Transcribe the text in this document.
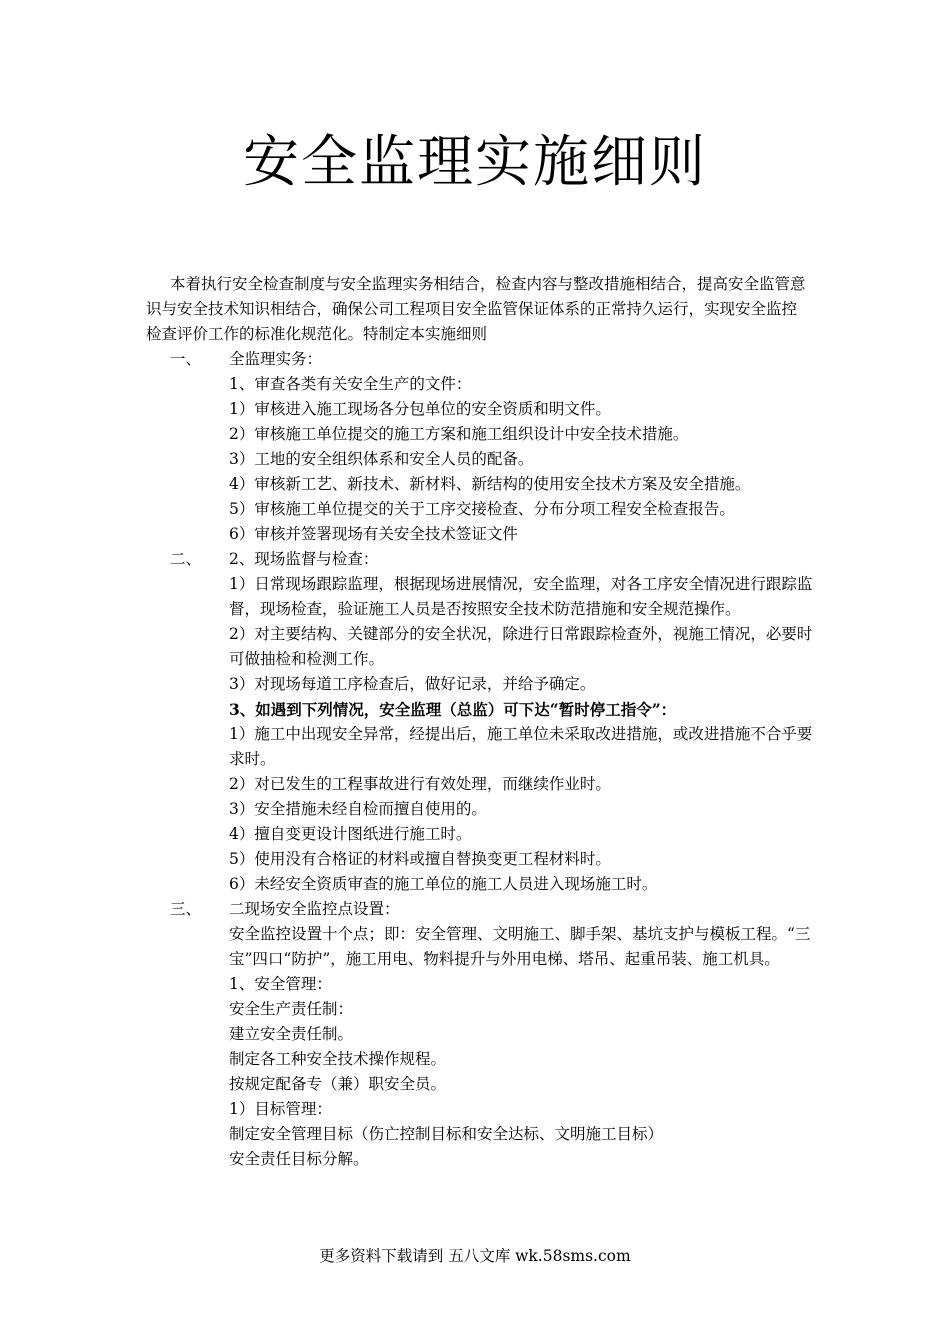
安全监理实施细则

本着执行安全检查制度与安全监理实务相结合，检查内容与整改措施相结合，提高安全监管意识与安全技术知识相结合，确保公司工程项目安全监管保证体系的正常持久运行，实现安全监控检查评价工作的标准化规范化。特制定本实施细则

一、 全监理实务：
1、审查各类有关安全生产的文件：
1）审核进入施工现场各分包单位的安全资质和明文件。
2）审核施工单位提交的施工方案和施工组织设计中安全技术措施。
3）工地的安全组织体系和安全人员的配备。
4）审核新工艺、新技术、新材料、新结构的使用安全技术方案及安全措施。
5）审核施工单位提交的关于工序交接检查、分布分项工程安全检查报告。
6）审核并签署现场有关安全技术签证文件
二、 2、现场监督与检查：
1）日常现场跟踪监理，根据现场进展情况，安全监理，对各工序安全情况进行跟踪监督，现场检查，验证施工人员是否按照安全技术防范措施和安全规范操作。
2）对主要结构、关键部分的安全状况，除进行日常跟踪检查外，视施工情况，必要时可做抽检和检测工作。
3）对现场每道工序检查后，做好记录，并给予确定。
3、如遇到下列情况，安全监理（总监）可下达“暂时停工指令”：
1）施工中出现安全异常，经提出后，施工单位未采取改进措施，或改进措施不合乎要求时。
2）对已发生的工程事故进行有效处理，而继续作业时。
3）安全措施未经自检而擅自使用的。
4）擅自变更设计图纸进行施工时。
5）使用没有合格证的材料或擅自替换变更工程材料时。
6）未经安全资质审查的施工单位的施工人员进入现场施工时。
三、 二现场安全监控点设置：
安全监控设置十个点；即：安全管理、文明施工、脚手架、基坑支护与模板工程。“三宝”四口“防护”，施工用电、物料提升与外用电梯、塔吊、起重吊装、施工机具。
1、安全管理：
安全生产责任制：
建立安全责任制。
制定各工种安全技术操作规程。
按规定配备专（兼）职安全员。
1）目标管理：
制定安全管理目标（伤亡控制目标和安全达标、文明施工目标）
安全责任目标分解。
更多资料下载请到 五八文库 wk.58sms.com
